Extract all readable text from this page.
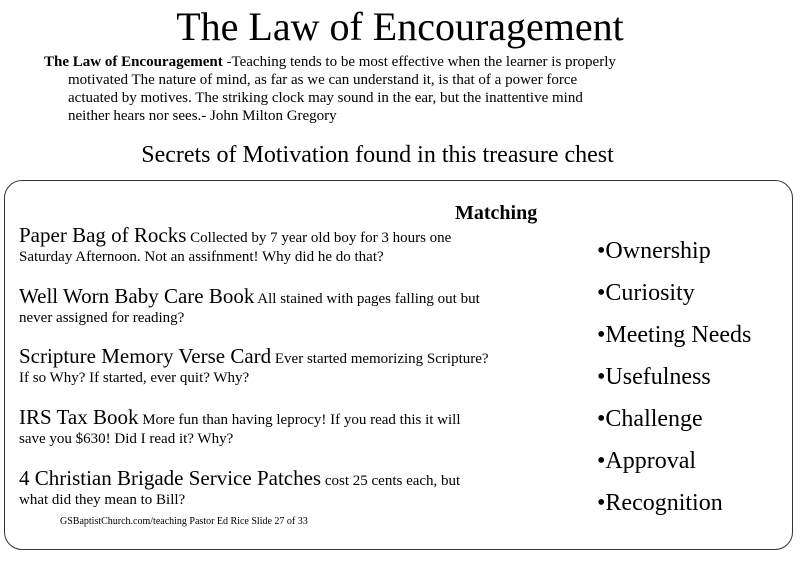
The Law of Encouragement
The Law of Encouragement -Teaching tends to be most effective when the learner is properly
motivated The nature of mind, as far as we can understand it, is that of a power force
actuated by motives. The striking clock may sound in the ear, but the inattentive mind
neither hears nor sees.- John Milton Gregory
Secrets of Motivation found in this treasure chest
Matching
Paper Bag of Rocks Collected by 7 year old boy for 3 hours one
Saturday Afternoon. Not an assifnment! Why did he do that?
Well Worn Baby Care Book All stained with pages falling out but
never assigned for reading?
Scripture Memory Verse Card Ever started memorizing Scripture?
If so Why? If started, ever quit? Why?
IRS Tax Book More fun than having leprocy! If you read this it will
save you $630! Did I read it? Why?
4 Christian Brigade Service Patches cost 25 cents each, but
what did they mean to Bill?
•Ownership
•Curiosity
•Meeting Needs
•Usefulness
•Challenge
•Approval
•Recognition
GSBaptistChurch.com/teaching Pastor Ed Rice Slide 27 of 33
